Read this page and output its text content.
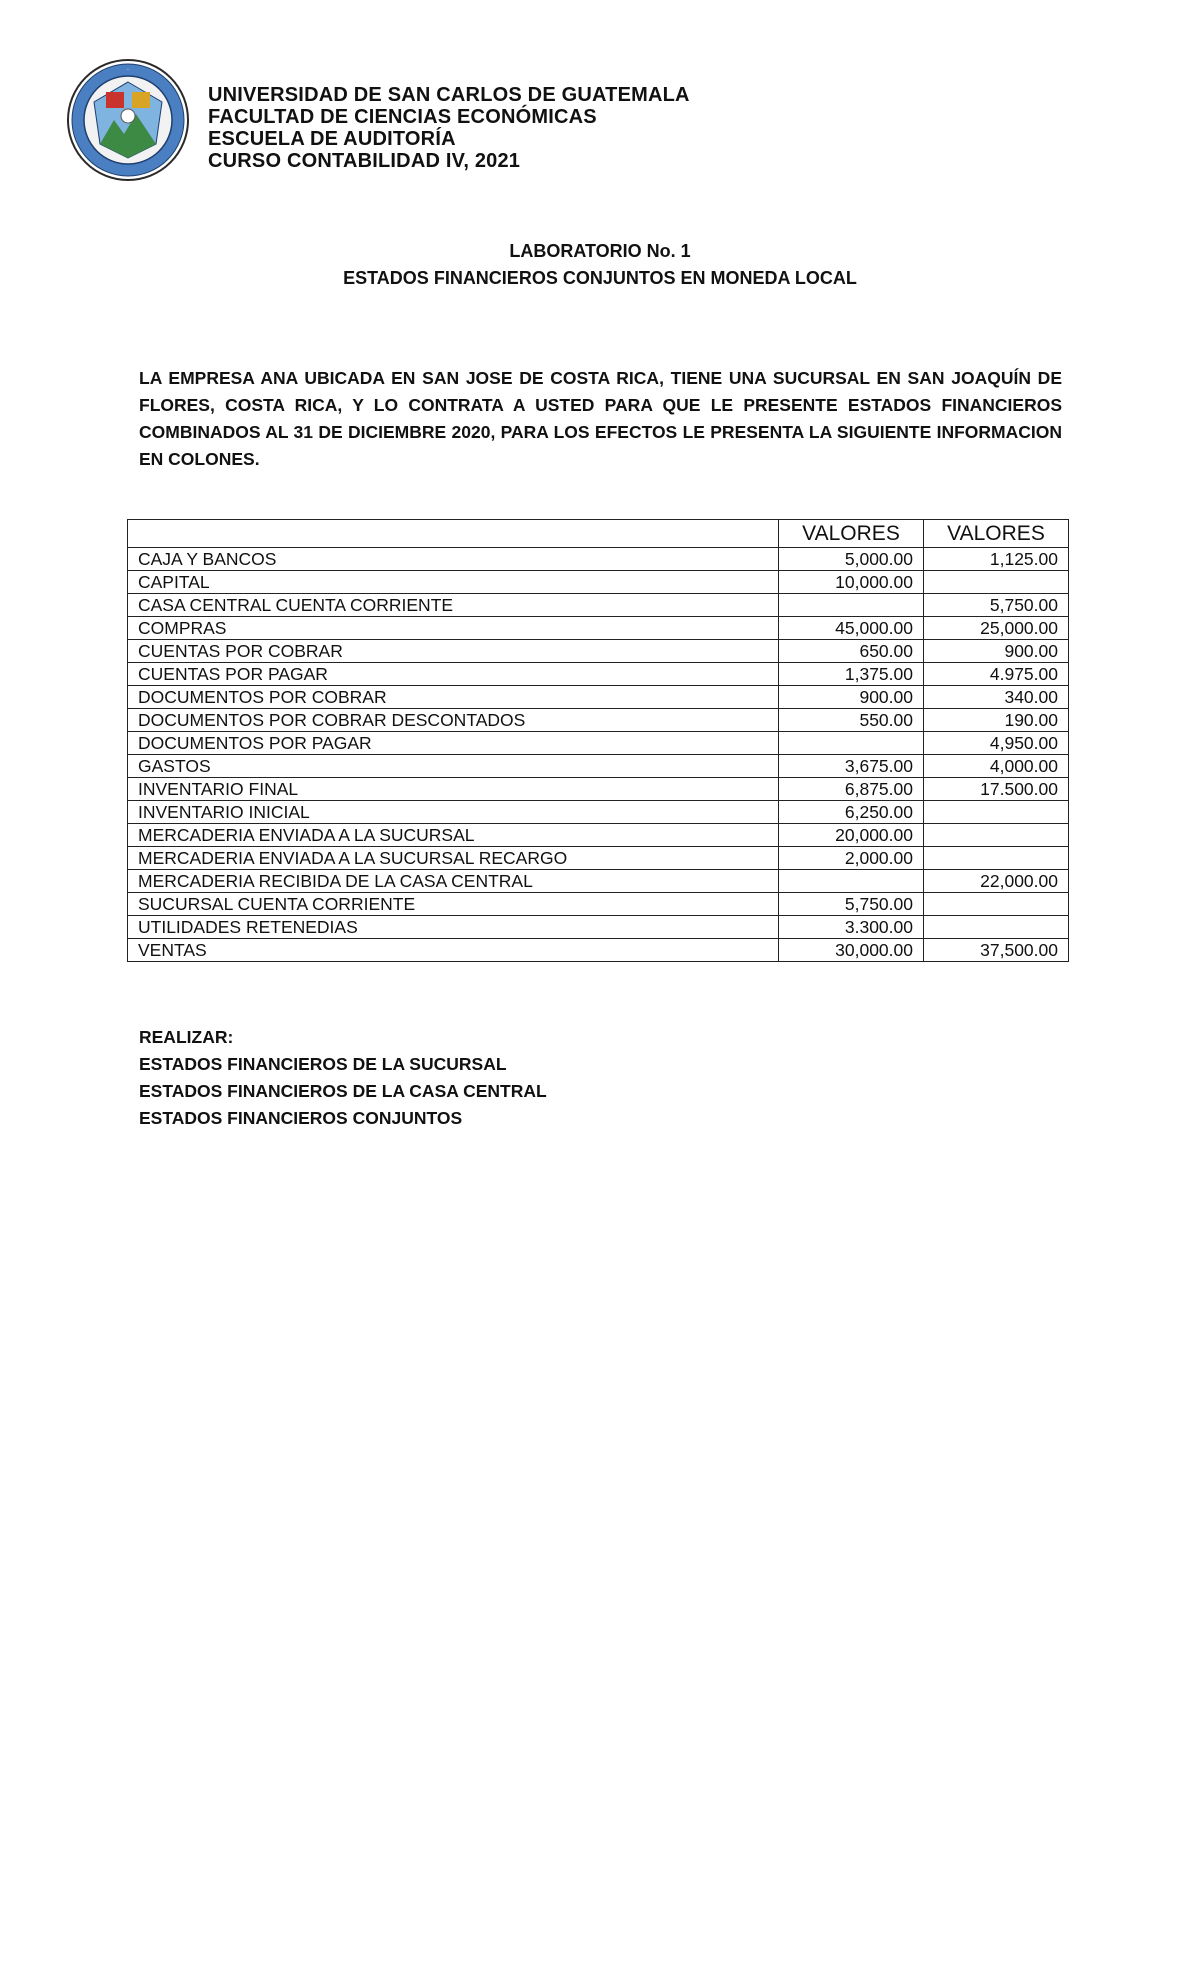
·
UNIVERSIDAD DE SAN CARLOS DE GUATEMALA
FACULTAD DE CIENCIAS ECONÓMICAS
ESCUELA DE AUDITORÍA
CURSO CONTABILIDAD IV, 2021
LABORATORIO No. 1
ESTADOS FINANCIEROS CONJUNTOS EN MONEDA LOCAL
LA EMPRESA ANA UBICADA EN SAN JOSE DE COSTA RICA, TIENE UNA SUCURSAL EN SAN JOAQUÍN DE FLORES, COSTA RICA, Y LO CONTRATA A USTED PARA QUE LE PRESENTE ESTADOS FINANCIEROS COMBINADOS AL 31 DE DICIEMBRE 2020, PARA LOS EFECTOS LE PRESENTA LA SIGUIENTE INFORMACION EN COLONES.
	VALORES	VALORES
CAJA Y BANCOS	5,000.00	1,125.00
CAPITAL	10,000.00	
CASA CENTRAL CUENTA CORRIENTE		5,750.00
COMPRAS	45,000.00	25,000.00
CUENTAS POR COBRAR	650.00	900.00
CUENTAS POR PAGAR	1,375.00	4.975.00
DOCUMENTOS POR COBRAR	900.00	340.00
DOCUMENTOS POR COBRAR DESCONTADOS	550.00	190.00
DOCUMENTOS POR PAGAR		4,950.00
GASTOS	3,675.00	4,000.00
INVENTARIO FINAL	6,875.00	17.500.00
INVENTARIO INICIAL	6,250.00	
MERCADERIA ENVIADA A LA SUCURSAL	20,000.00	
MERCADERIA ENVIADA A LA SUCURSAL RECARGO	2,000.00	
MERCADERIA RECIBIDA DE LA CASA CENTRAL		22,000.00
SUCURSAL CUENTA CORRIENTE	5,750.00	
UTILIDADES RETENEDIAS	3.300.00	
VENTAS	30,000.00	37,500.00
REALIZAR:
ESTADOS FINANCIEROS DE LA SUCURSAL
ESTADOS FINANCIEROS DE LA CASA CENTRAL
ESTADOS FINANCIEROS CONJUNTOS
